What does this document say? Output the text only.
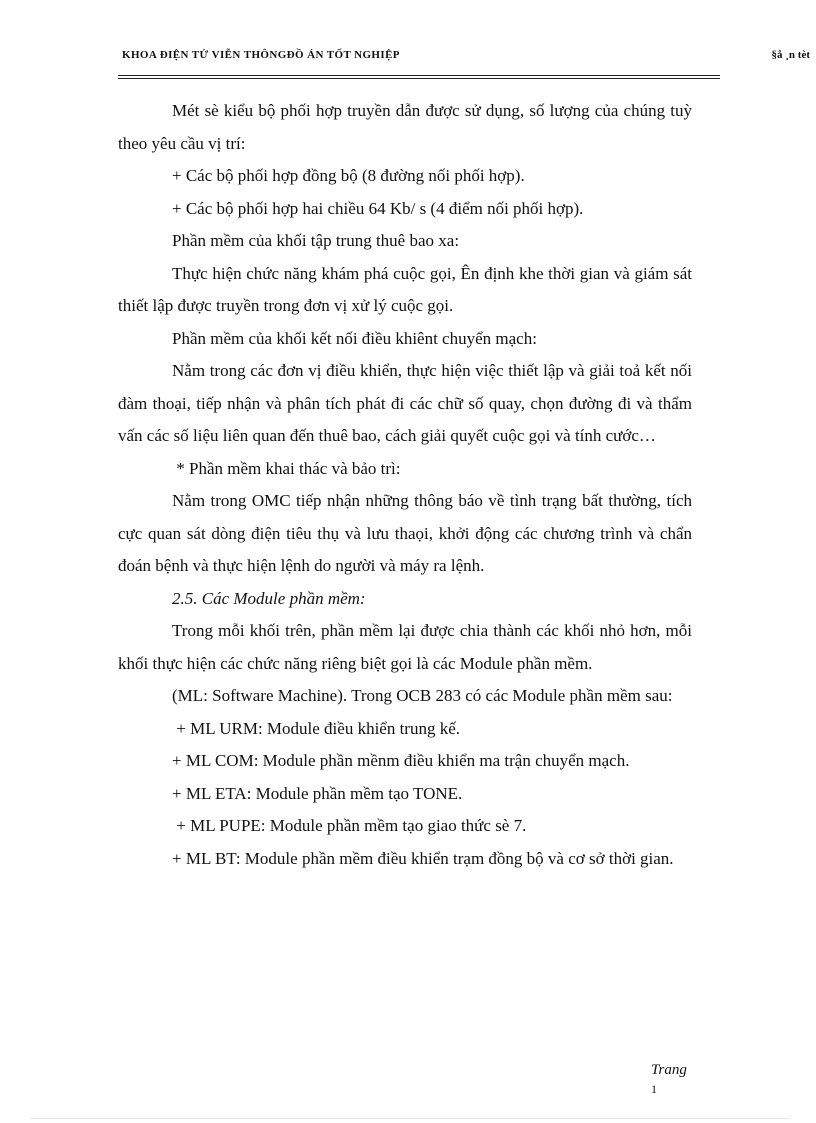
KHOA ĐIỆN TỬ VIỄN THÔNGĐỒ ÁN TỐT NGHIỆP	§å ¸n tèt

Mét sè kiểu bộ phối hợp truyền dẫn được sử dụng, số lượng của chúng tuỳ theo yêu cầu vị trí:

+ Các bộ phối hợp đồng bộ (8 đường nối phối hợp).

+ Các bộ phối hợp hai chiều 64 Kb/ s (4 điểm nối phối hợp).

Phần mềm của khối tập trung thuê bao xa:

Thực hiện chức năng khám phá cuộc gọi, Ên định khe thời gian và giám sát thiết lập được truyền trong đơn vị xử lý cuộc gọi.

Phần mềm của khối kết nối điều khiênt chuyển mạch:

Nằm trong các đơn vị điều khiển, thực hiện việc thiết lập và giải toả kết nối đàm thoại, tiếp nhận và phân tích phát đi các chữ số quay, chọn đường đi và thẩm vấn các số liệu liên quan đến thuê bao, cách giải quyết cuộc gọi và tính cước…

* Phần mềm khai thác và bảo trì:

Nằm trong OMC tiếp nhận những thông báo về tình trạng bất thường, tích cực quan sát dòng điện tiêu thụ và lưu thaọi, khởi động các chương trình và chẩn đoán bệnh và thực hiện lệnh do người và máy ra lệnh.

2.5. Các Module phần mềm:

Trong mỗi khối trên, phần mềm lại được chia thành các khối nhỏ hơn, mỗi khối thực hiện các chức năng riêng biệt gọi là các Module phần mềm.

(ML: Software Machine). Trong OCB 283 có các Module phần mềm sau:

+ ML URM: Module điều khiển trung kế.

+ ML COM: Module phần mềnm điều khiển ma trận chuyển mạch.

+ ML ETA: Module phần mềm tạo TONE.

+ ML PUPE: Module phần mềm tạo giao thức sè 7.

+ ML BT: Module phần mềm điều khiển trạm đồng bộ và cơ sở thời gian.

Trang
1
